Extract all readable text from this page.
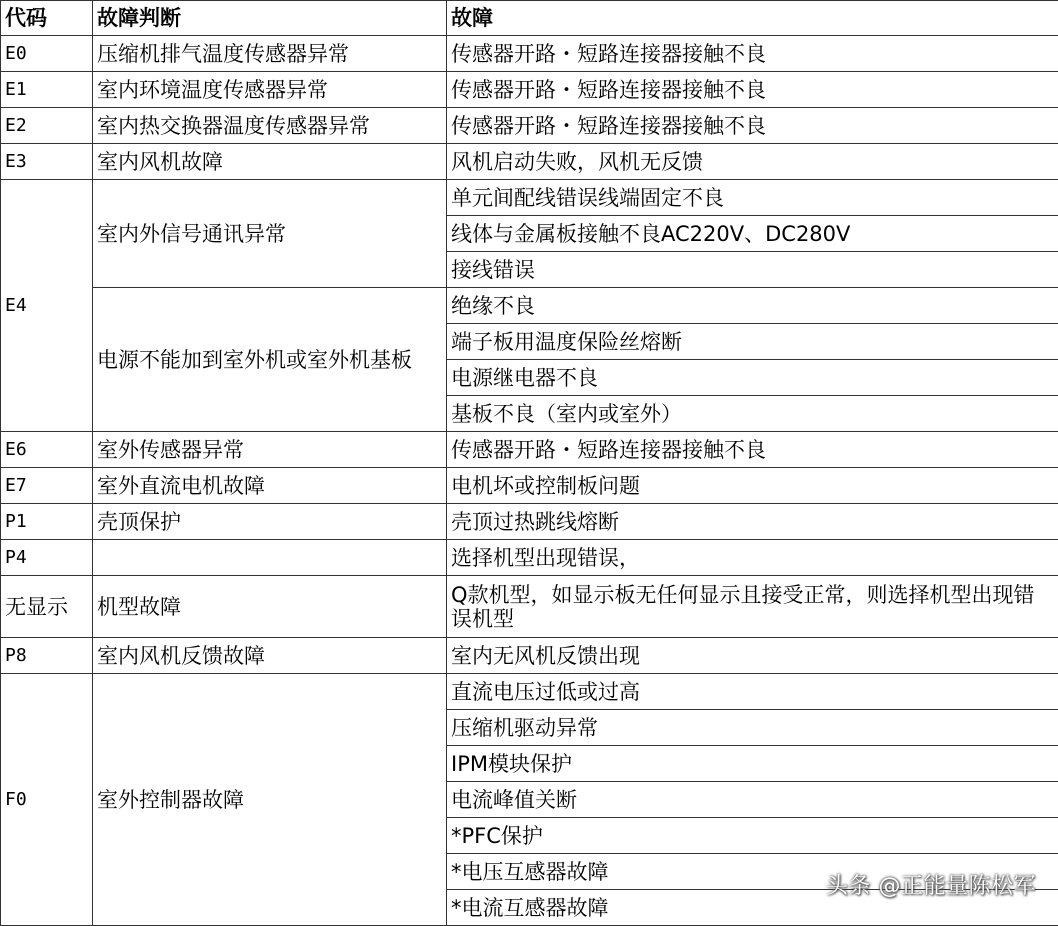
代码	故障判断	故障
E0	压缩机排气温度传感器异常	传感器开路・短路连接器接触不良
E1	室内环境温度传感器异常	传感器开路・短路连接器接触不良
E2	室内热交换器温度传感器异常	传感器开路・短路连接器接触不良
E3	室内风机故障	风机启动失败，风机无反馈
E4	室内外信号通讯异常	单元间配线错误线端固定不良
		线体与金属板接触不良AC220V、DC280V
		接线错误
	电源不能加到室外机或室外机基板	绝缘不良
		端子板用温度保险丝熔断
		电源继电器不良
		基板不良（室内或室外）
E6	室外传感器异常	传感器开路・短路连接器接触不良
E7	室外直流电机故障	电机坏或控制板问题
P1	壳顶保护	壳顶过热跳线熔断
P4		选择机型出现错误，
无显示	机型故障	Q款机型，如显示板无任何显示且接受正常，则选择机型出现错误机型
P8	室内风机反馈故障	室内无风机反馈出现
F0	室外控制器故障	直流电压过低或过高
		压缩机驱动异常
		IPM模块保护
		电流峰值关断
		*PFC保护
		*电压互感器故障
		*电流互感器故障
头条 @正能量陈松军
